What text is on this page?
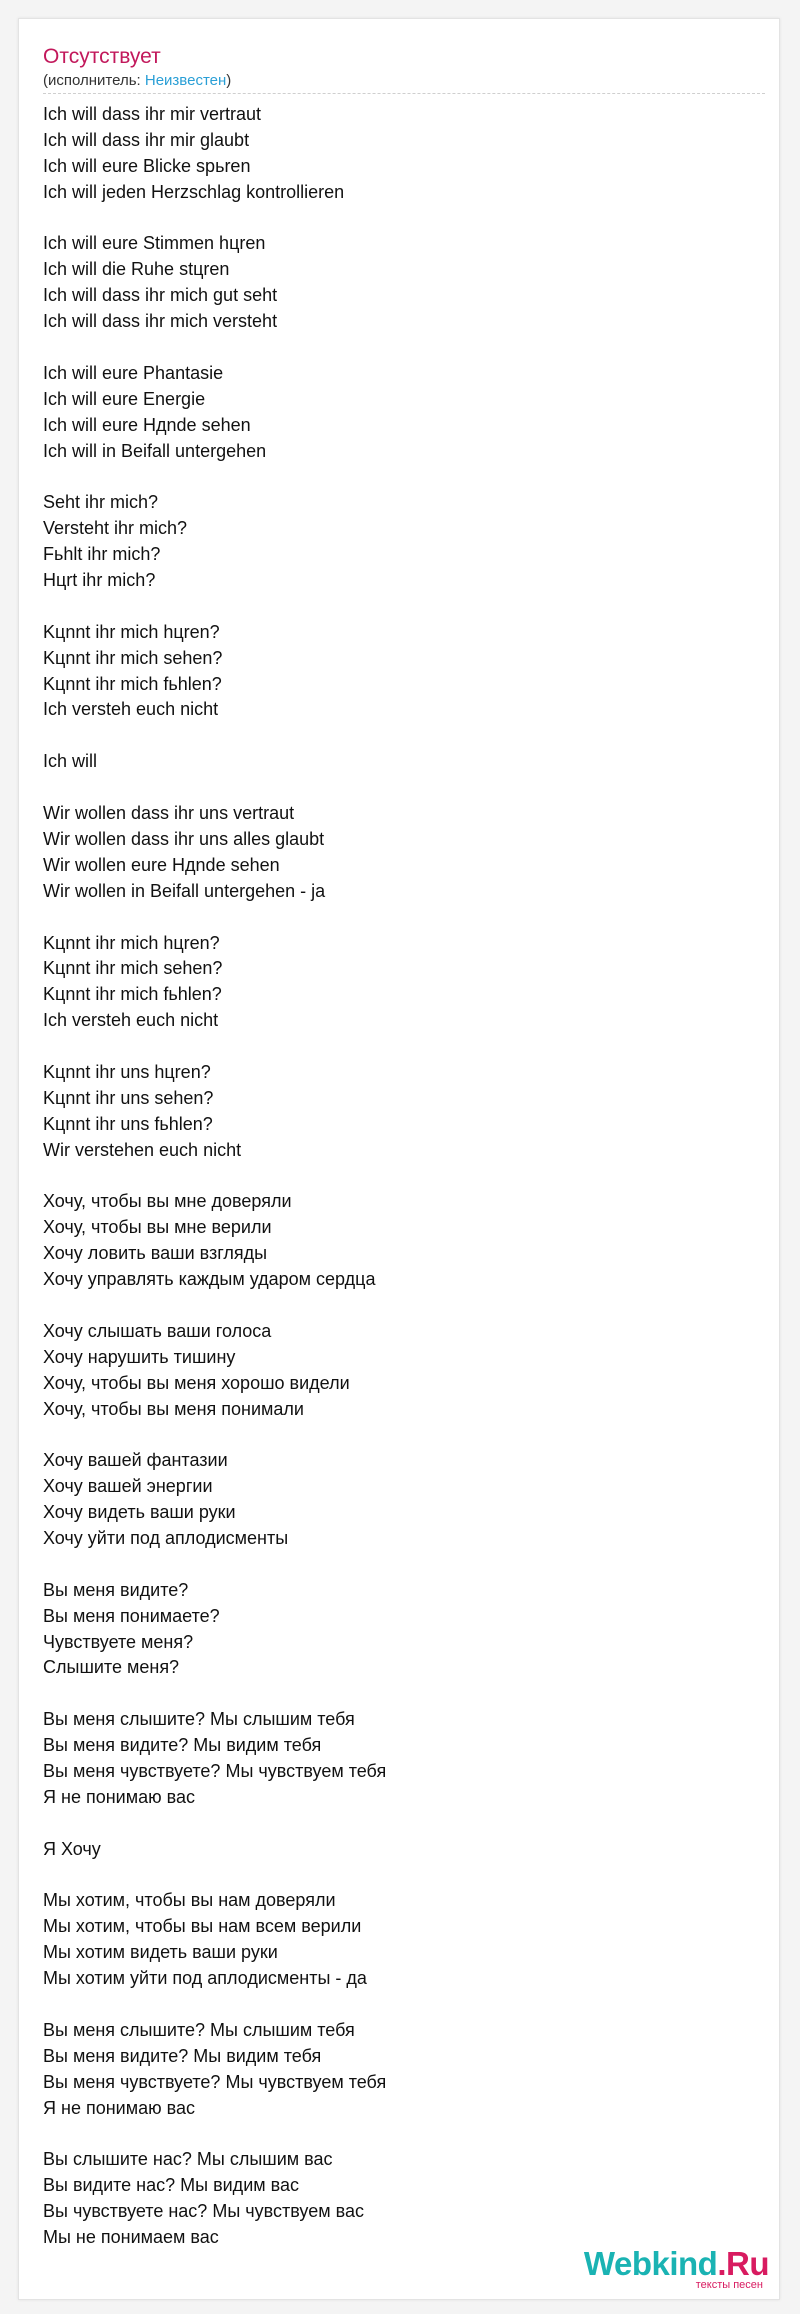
Отсутствует
(исполнитель: Неизвестен)
Ich will dass ihr mir vertraut
Ich will dass ihr mir glaubt
Ich will eure Blicke spьren
Ich will jeden Herzschlag kontrollieren
Ich will eure Stimmen hцren
Ich will die Ruhe stцren
Ich will dass ihr mich gut seht
Ich will dass ihr mich versteht
Ich will eure Phantasie
Ich will eure Energie
Ich will eure Hдnde sehen
Ich will in Beifall untergehen
Seht ihr mich?
Versteht ihr mich?
Fьhlt ihr mich?
Hцrt ihr mich?
Kцnnt ihr mich hцren?
Kцnnt ihr mich sehen?
Kцnnt ihr mich fьhlen?
Ich versteh euch nicht
Ich will
Wir wollen dass ihr uns vertraut
Wir wollen dass ihr uns alles glaubt
Wir wollen eure Hдnde sehen
Wir wollen in Beifall untergehen - ja
Kцnnt ihr mich hцren?
Kцnnt ihr mich sehen?
Kцnnt ihr mich fьhlen?
Ich versteh euch nicht
Kцnnt ihr uns hцren?
Kцnnt ihr uns sehen?
Kцnnt ihr uns fьhlen?
Wir verstehen euch nicht
Хочу, чтобы вы мне доверяли
Хочу, чтобы вы мне верили
Хочу ловить ваши взгляды
Хочу управлять каждым ударом сердца
Хочу слышать ваши голоса
Хочу нарушить тишину
Хочу, чтобы вы меня хорошо видели
Хочу, чтобы вы меня понимали
Хочу вашей фантазии
Хочу вашей энергии
Хочу видеть ваши руки
Хочу уйти под аплодисменты
Вы меня видите?
Вы меня понимаете?
Чувствуете меня?
Слышите меня?
Вы меня слышите? Мы слышим тебя
Вы меня видите? Мы видим тебя
Вы меня чувствуете? Мы чувствуем тебя
Я не понимаю вас
Я Хочу
Мы хотим, чтобы вы нам доверяли
Мы хотим, чтобы вы нам всем верили
Мы хотим видеть ваши руки
Мы хотим уйти под аплодисменты - да
Вы меня слышите? Мы слышим тебя
Вы меня видите? Мы видим тебя
Вы меня чувствуете? Мы чувствуем тебя
Я не понимаю вас
Вы слышите нас? Мы слышим вас
Вы видите нас? Мы видим вас
Вы чувствуете нас? Мы чувствуем вас
Мы не понимаем вас
Webkind.Ru
тексты песен
